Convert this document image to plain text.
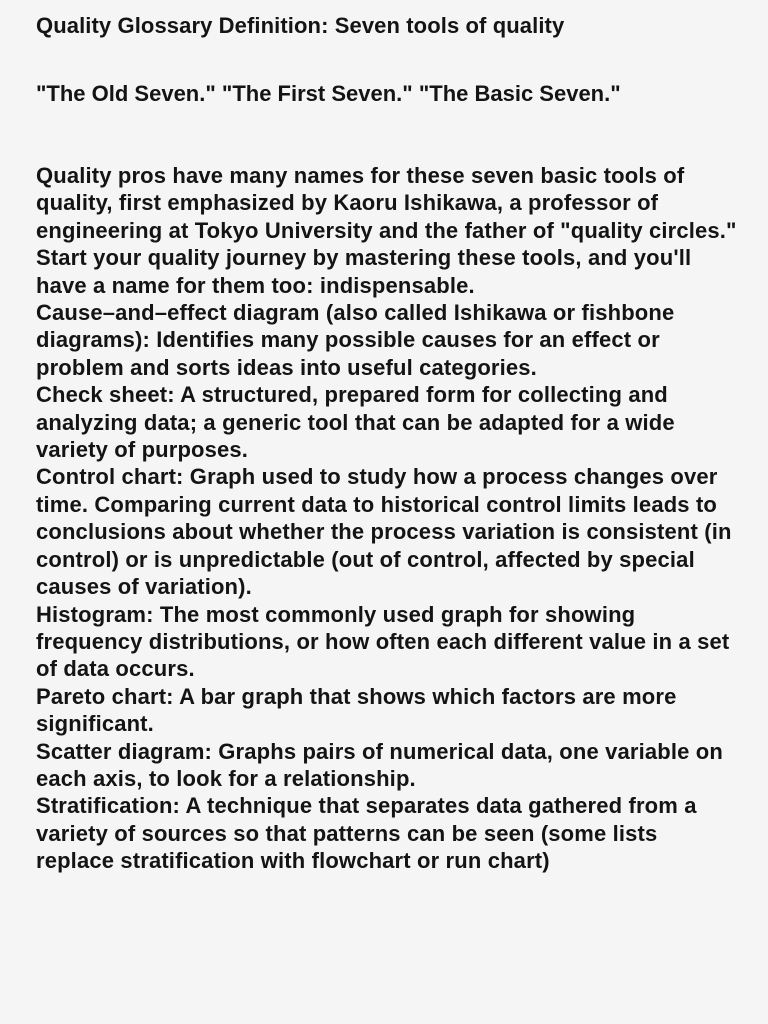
Quality Glossary Definition: Seven tools of quality

"The Old Seven." "The First Seven." "The Basic Seven."

Quality pros have many names for these seven basic tools of quality, first emphasized by Kaoru Ishikawa, a professor of engineering at Tokyo University and the father of "quality circles." Start your quality journey by mastering these tools, and you'll have a name for them too: indispensable.

Cause–and–effect diagram (also called Ishikawa or fishbone diagrams): Identifies many possible causes for an effect or problem and sorts ideas into useful categories.

Check sheet: A structured, prepared form for collecting and analyzing data; a generic tool that can be adapted for a wide variety of purposes.

Control chart: Graph used to study how a process changes over time. Comparing current data to historical control limits leads to conclusions about whether the process variation is consistent (in control) or is unpredictable (out of control, affected by special causes of variation).

Histogram: The most commonly used graph for showing frequency distributions, or how often each different value in a set of data occurs.

Pareto chart: A bar graph that shows which factors are more significant.

Scatter diagram: Graphs pairs of numerical data, one variable on each axis, to look for a relationship.

Stratification: A technique that separates data gathered from a variety of sources so that patterns can be seen (some lists replace stratification with flowchart or run chart)
